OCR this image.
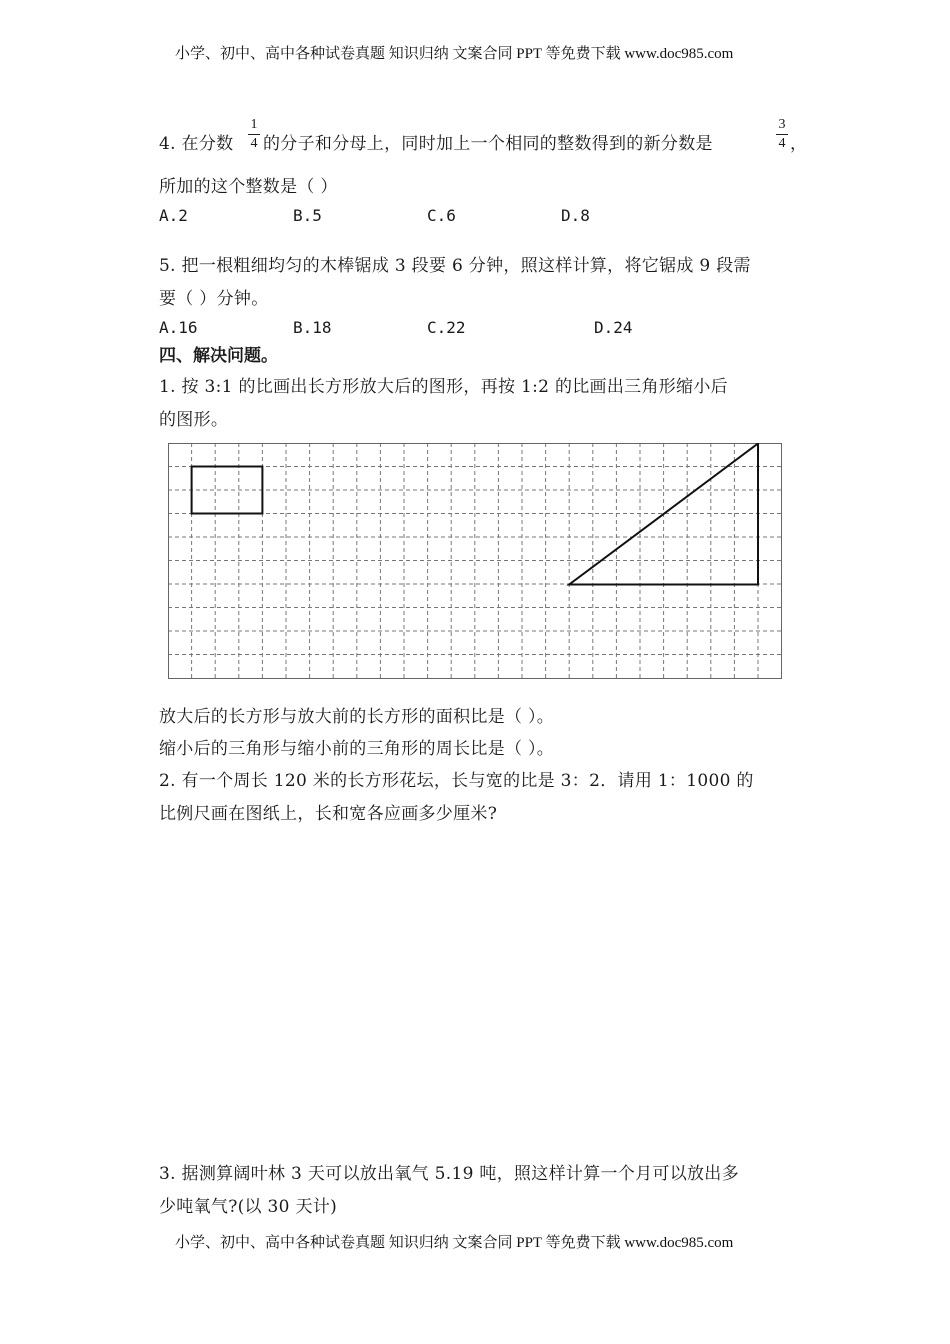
小学、初中、高中各种试卷真题 知识归纳 文案合同 PPT 等免费下载 www.doc985.com
4. 在分数
1
4 的分子和分母上，同时加上一个相同的整数得到的新分数是
3
4 ，
所加的这个整数是（ ）
A.2	B.5	C.6	D.8
5. 把一根粗细均匀的木棒锯成 3 段要 6 分钟，照这样计算，将它锯成 9 段需
要（ ）分钟。
A.16	B.18	C.22	D.24
四、解决问题。
1. 按 3:1 的比画出长方形放大后的图形，再按 1:2 的比画出三角形缩小后
的图形。
放大后的长方形与放大前的长方形的面积比是（ ）。
缩小后的三角形与缩小前的三角形的周长比是（ ）。
2. 有一个周长 120 米的长方形花坛，长与宽的比是 3：2．请用 1：1000 的
比例尺画在图纸上，长和宽各应画多少厘米?
3. 据测算阔叶林 3 天可以放出氧气 5.19 吨，照这样计算一个月可以放出多
少吨氧气?(以 30 天计)
小学、初中、高中各种试卷真题 知识归纳 文案合同 PPT 等免费下载 www.doc985.com
